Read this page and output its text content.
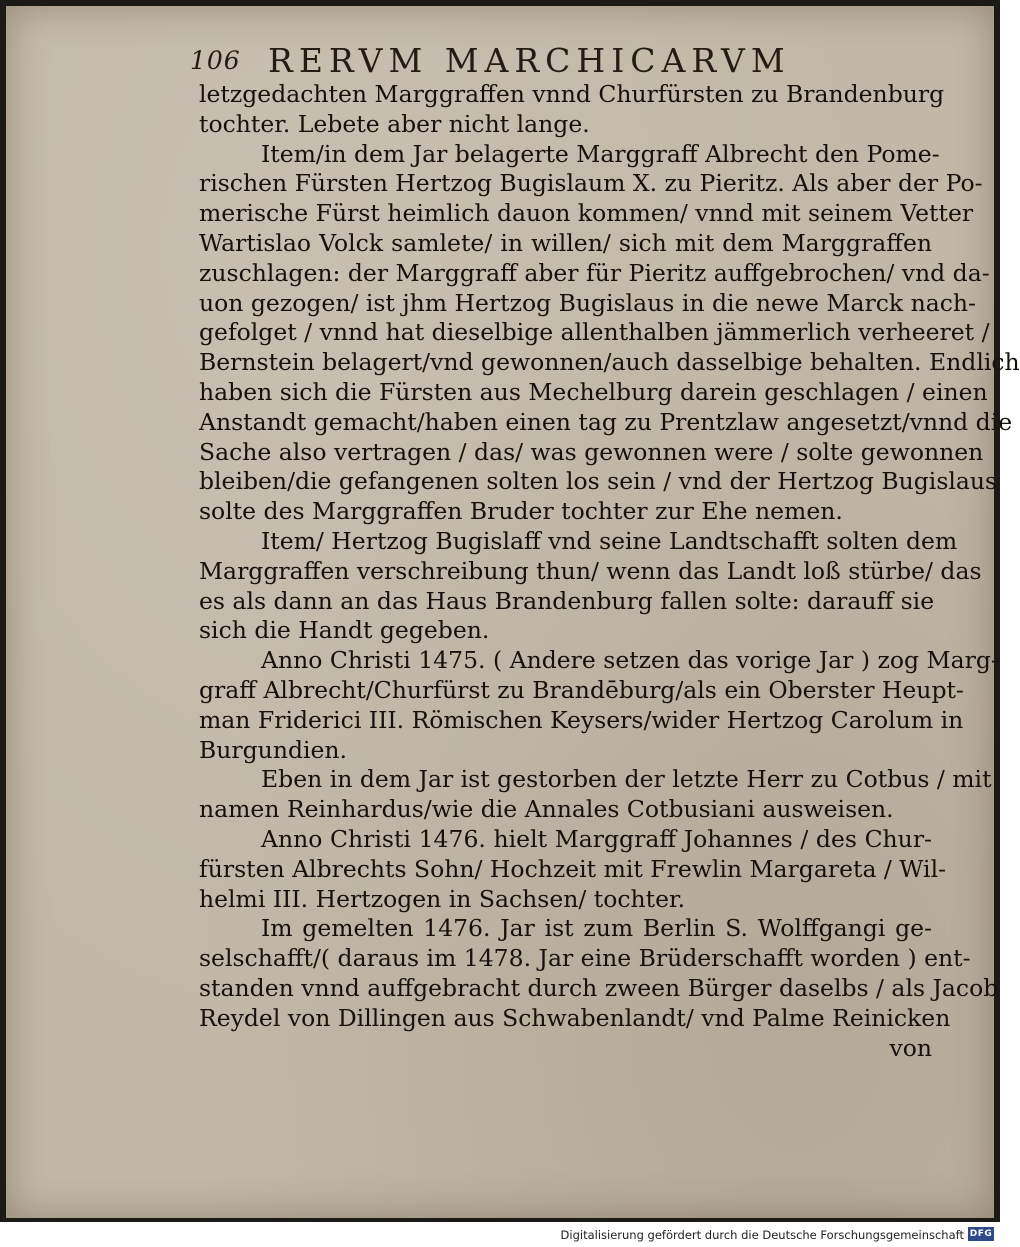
106 RERVM MARCHICARVM
letzgedachten Marggraffen vnnd Churfürsten zu Brandenburg
tochter. Lebete aber nicht lange.
Item/in dem Jar belagerte Marggraff Albrecht den Pome-
rischen Fürsten Hertzog Bugislaum X. zu Pieritz. Als aber der Po-
merische Fürst heimlich dauon kommen/ vnnd mit seinem Vetter
Wartislao Volck samlete/ in willen/ sich mit dem Marggraffen
zuschlagen: der Marggraff aber für Pieritz auffgebrochen/ vnd da-
uon gezogen/ ist jhm Hertzog Bugislaus in die newe Marck nach-
gefolget / vnnd hat dieselbige allenthalben jämmerlich verheeret /
Bernstein belagert/vnd gewonnen/auch dasselbige behalten. Endlich
haben sich die Fürsten aus Mechelburg darein geschlagen / einen
Anstandt gemacht/haben einen tag zu Prentzlaw angesetzt/vnnd die
Sache also vertragen / das/ was gewonnen were / solte gewonnen
bleiben/die gefangenen solten los sein / vnd der Hertzog Bugislaus
solte des Marggraffen Bruder tochter zur Ehe nemen.
Item/ Hertzog Bugislaff vnd seine Landtschafft solten dem
Marggraffen verschreibung thun/ wenn das Landt loß stürbe/ das
es als dann an das Haus Brandenburg fallen solte: darauff sie
sich die Handt gegeben.
Anno Christi 1475. ( Andere setzen das vorige Jar ) zog Marg-
graff Albrecht/Churfürst zu Brandēburg/als ein Oberster Heupt-
man Friderici III. Römischen Keysers/wider Hertzog Carolum in
Burgundien.
Eben in dem Jar ist gestorben der letzte Herr zu Cotbus / mit
namen Reinhardus/wie die Annales Cotbusiani ausweisen.
Anno Christi 1476. hielt Marggraff Johannes / des Chur-
fürsten Albrechts Sohn/ Hochzeit mit Frewlin Margareta / Wil-
helmi III. Hertzogen in Sachsen/ tochter.
Im gemelten 1476. Jar ist zum Berlin S. Wolffgangi ge-
selschafft/( daraus im 1478. Jar eine Brüderschafft worden ) ent-
standen vnnd auffgebracht durch zween Bürger daselbs / als Jacob
Reydel von Dillingen aus Schwabenlandt/ vnd Palme Reinicken
von
Digitalisierung gefördert durch die Deutsche Forschungsgemeinschaft DFG
